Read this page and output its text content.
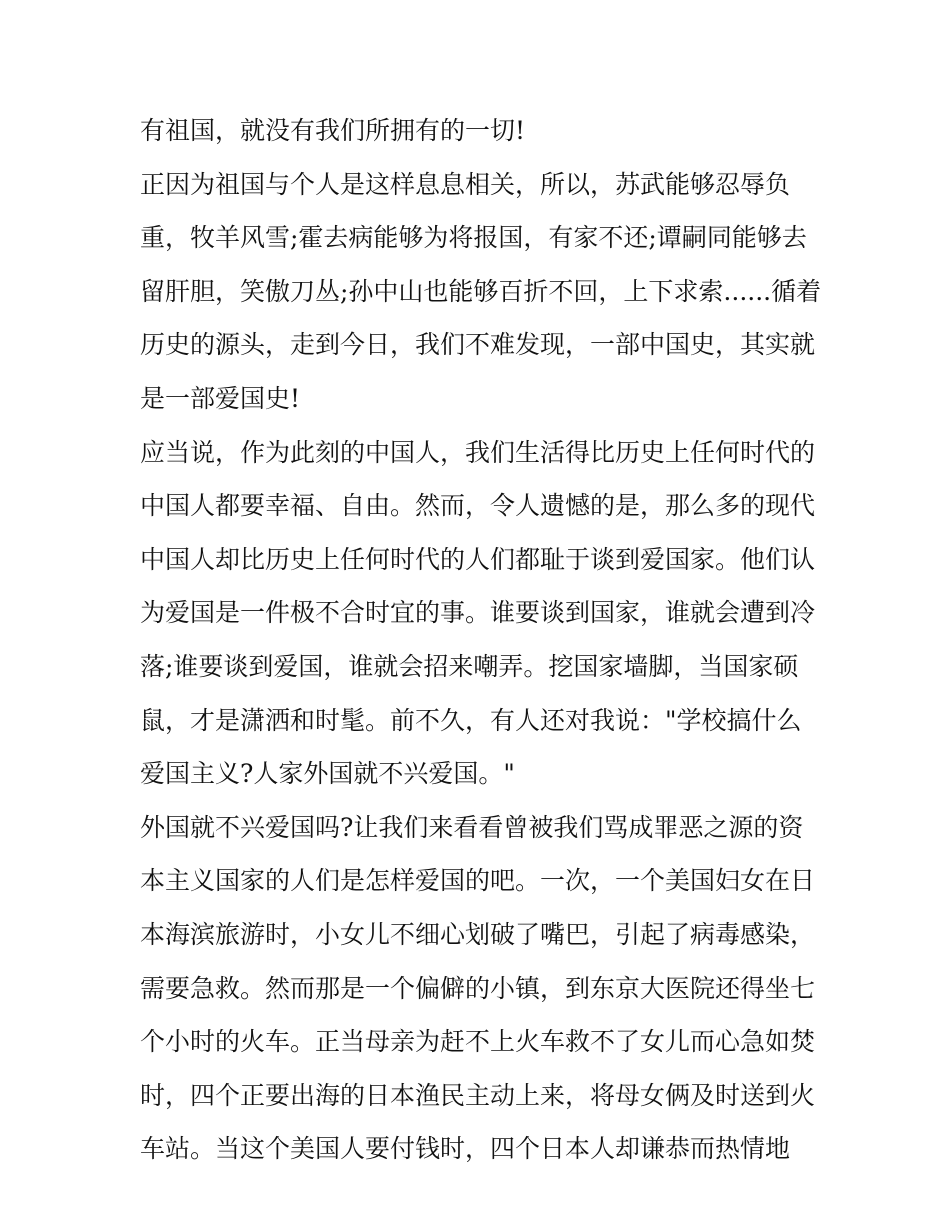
有祖国，就没有我们所拥有的一切!
正因为祖国与个人是这样息息相关，所以，苏武能够忍辱负
重，牧羊风雪;霍去病能够为将报国，有家不还;谭嗣同能够去
留肝胆，笑傲刀丛;孙中山也能够百折不回，上下求索......循着
历史的源头，走到今日，我们不难发现，一部中国史，其实就
是一部爱国史!
应当说，作为此刻的中国人，我们生活得比历史上任何时代的
中国人都要幸福、自由。然而，令人遗憾的是，那么多的现代
中国人却比历史上任何时代的人们都耻于谈到爱国家。他们认
为爱国是一件极不合时宜的事。谁要谈到国家，谁就会遭到冷
落;谁要谈到爱国，谁就会招来嘲弄。挖国家墙脚，当国家硕
鼠，才是潇洒和时髦。前不久，有人还对我说："学校搞什么
爱国主义?人家外国就不兴爱国。"
外国就不兴爱国吗?让我们来看看曾被我们骂成罪恶之源的资
本主义国家的人们是怎样爱国的吧。一次，一个美国妇女在日
本海滨旅游时，小女儿不细心划破了嘴巴，引起了病毒感染，
需要急救。然而那是一个偏僻的小镇，到东京大医院还得坐七
个小时的火车。正当母亲为赶不上火车救不了女儿而心急如焚
时，四个正要出海的日本渔民主动上来，将母女俩及时送到火
车站。当这个美国人要付钱时，四个日本人却谦恭而热情地
